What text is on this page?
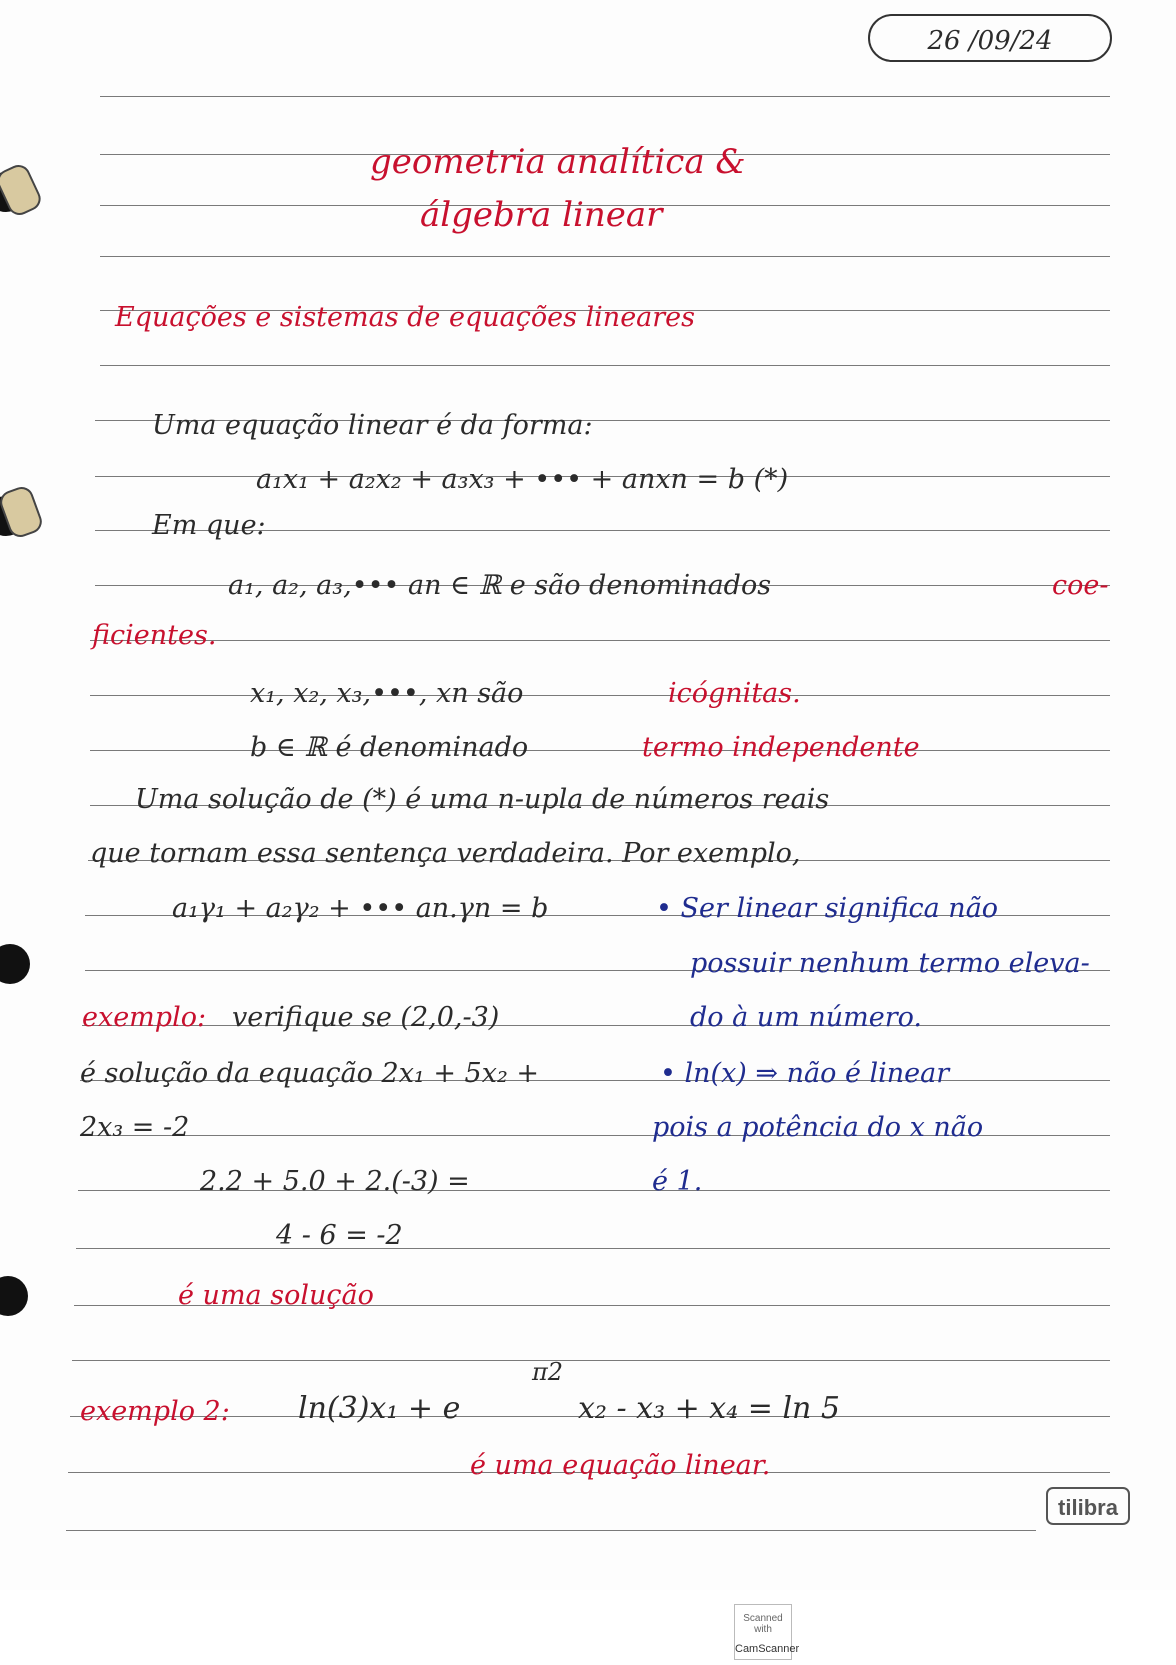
26 /09/24
geometria analítica &
álgebra linear
Equações e sistemas de equações lineares
Uma equação linear é da forma:
a₁x₁ + a₂x₂ + a₃x₃ + ••• + anxn = b (*)
Em que:
a₁, a₂, a₃,••• an ∈ ℝ e são denominados	coe-
ficientes.
x₁, x₂, x₃,•••, xn são	icógnitas.
b ∈ ℝ é denominado	termo independente
Uma solução de (*) é uma n-upla de números reais
que tornam essa sentença verdadeira. Por exemplo,
a₁γ₁ + a₂γ₂ + ••• an.γn = b	• Ser linear significa não
possuir nenhum termo eleva-
do à um número.
• ln(x) ⇒ não é linear
pois a potência do x não
é 1.
exemplo: verifique se (2,0,-3)
é solução da equação 2x₁ + 5x₂ +
2x₃ = -2
2.2 + 5.0 + 2.(-3) =
4 - 6 = -2
é uma solução
exemplo 2: ln(3)x₁ + e
π2
x₂ - x₃ + x₄ = ln 5
é uma equação linear.
tilibra
Scanned with
CamScanner
